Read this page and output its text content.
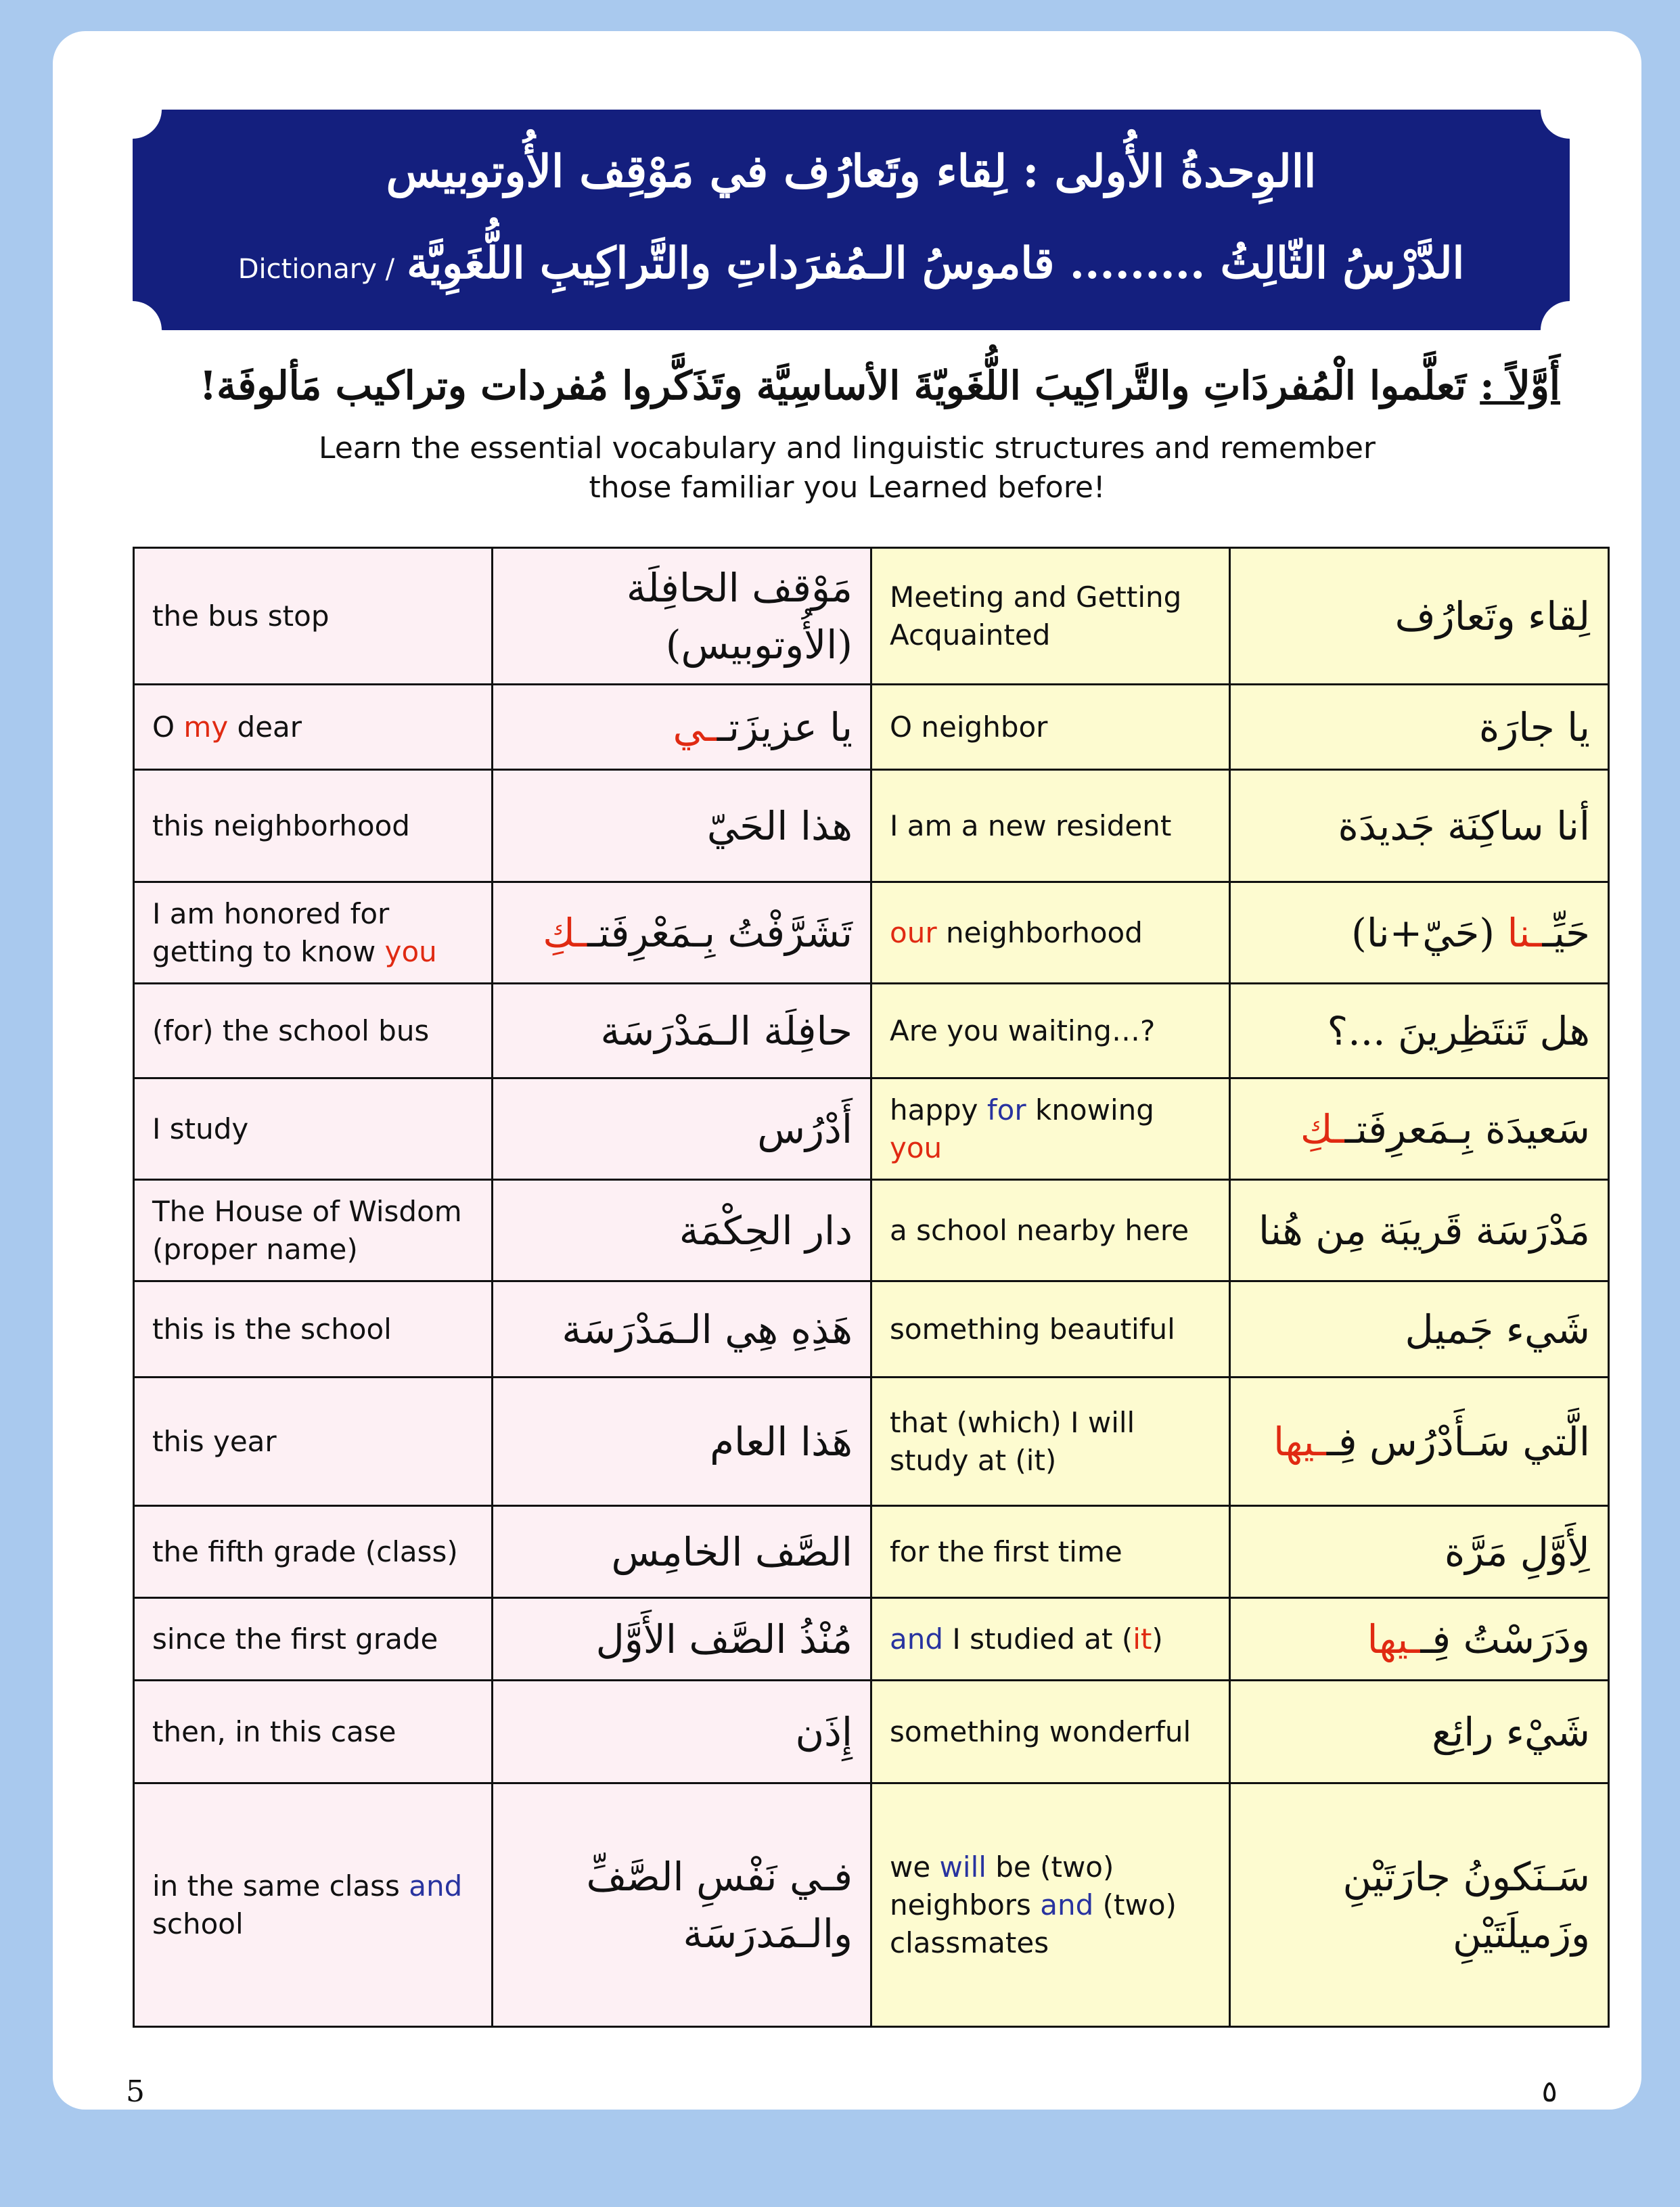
االوِحدةُ الأُولى : لِقاء وتَعارُف في مَوْقِف الأُوتوبيس
Dictionary / الدَّرْسُ الثّالِثُ ......... قاموسُ الـمُفرَداتِ والتَّراكِيبِ اللُّغَوِيَّة
أَوَّلاً : تَعلَّموا الْمُفردَاتِ والتَّراكِيبَ اللُّغَويّةَ الأساسِيَّة وتَذَكَّروا مُفردات وتراكيب مَألوفَة!
Learn the essential vocabulary and linguistic structures and remember
those familiar you Learned before!
the bus stop	مَوْقف الحافِلَة (الأُوتوبيس)	Meeting and Getting Acquainted	لِقاء وتَعارُف
O my dear	يا عزيزَتــي	O neighbor	يا جارَة
this neighborhood	هذا الحَيّ	I am a new resident	أنا ساكِنَة جَديدَة
I am honored for getting to know you	تَشَرَّفْتُ بِـمَعْرِفَتــكِ	our neighborhood	حَيِّــنا (حَيّ+نا)
(for) the school bus	حافِلَة الـمَدْرَسَة	Are you waiting…?	هل تَنتَظِرينَ ...؟
I study	أَدْرُس	happy for knowing you	سَعيدَة بِـمَعرِفَتــكِ
The House of Wisdom (proper name)	دار الحِكْمَة	a school nearby here	مَدْرَسَة قَريبَة مِن هُنا
this is the school	هَذِهِ هِي الـمَدْرَسَة	something beautiful	شَيء جَميل
this year	هَذا العام	that (which) I will study at (it)	الَّتي سَـأَدْرُس فِــيها
the fifth grade (class)	الصَّف الخامِس	for the first time	لِأَوَّلِ مَرَّة
since the first grade	مُنْذُ الصَّف الأَوَّل	and I studied at (it)	ودَرَسْتُ فِــيها
then, in this case	إِذَن	something wonderful	شَيْء رائِع
in the same class and school	فـي نَفْسِ الصَّفِّ والـمَدرَسَة	we will be (two) neighbors and (two) classmates	سَـنَكونُ جارَتَيْنِ وزَميلَتَيْنِ
5	٥
